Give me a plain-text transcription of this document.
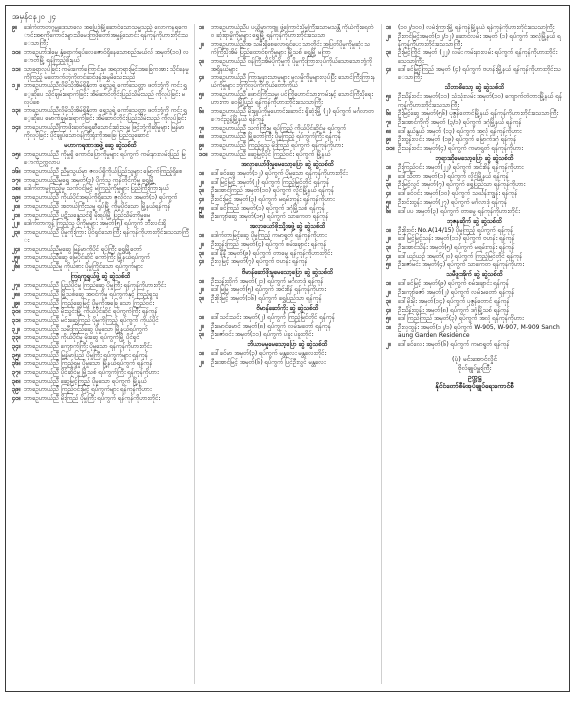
အမှန်ငန၂၀ ၂၄
၉။	ဒေါက်တာတဂ္ဂမ္ဗုဒေသာလေ အပြေဒ်မြို့ဆောင်သောသမ္မသည့် လောကနရကောင်းအစကိုကောင်းများသိမေးကြဖိုတော်အမှုန့်သောင်း ရန်ကုန်ကိုဟားတိုင်းသေသာကြီး
၁၀။ ဘာဥ္ဟော်ဒါမေ့ နှံ့ရောက်ရုပ်လေဇောင်ရှိနေသောစည်းမယ်လ် အမှတ်(၁၀) လောတ်မြို့ ရန်ကြည့်ဖိုးနယ်
၁၁။ သာခရာလုပ်ခြင်း ကမ်းကော်ကြောင်းမှ၊ အရဘုရားမြင်းအခြေကအား သိုင်နေမှုကိုကြည့် မတောက်တဲ့ကိုတင်ဆင်ဖုန်းမွှေမိသေးသည်
၁၂။ ဘာဥ္ဟောယ်ညီလိုမိသိုအိမ်ရှိနိုတာ ရှေ့သူရဲ့ ကော်သေတ္တာ ဖတ်ဘုံ့ကို ကင်း ရွှေ့ဆိုပေ သိုင်ချမ်းရောက်ခြင်း အိမ်ဆာင်တိုင်းပြည်သိမ်းသည် ကိုလုပ်ခြင်း မလုပ်စေ
၁၃။ ဘာဥ္ဟောယ်ညီလိုမိသိုအိမ်ရှိနိုတာ ရှေ့သူရဲ့ ကော်သေတ္တာ ဖတ်ဘုံ့ကို ကင်း ရွှေ့ဆိုပေ မောက်ချမ်းရောက်ခြင်း အိမ်ဆာင်တိုင်းပြည်သိမ်းသည် ကိုလုပ်ခြင်း
၁၄။ ဘာဥ္ဟောယ်ညီကြာဖိုးဆုတ်ရွှေဆီသောင်းဆုံးသမ္မ ဖြင့်ဘုံ့ကိုဆိုမှုများ မြန်မာကိုလုပ်ခြင်း ပိုင်ချုပ်သောဝန်ကြီးရုံးကိုအခြေ၊ ပြည်သူဆောင်
မဟာကရုဏာအဖွဲ့ ဆွေ ဆွဲသစ်ထိ
၁၅။ ဘာဥ္ဟောယ်ညီ ကိုမှုရှိ ကောင်ပြောကိုမှုများ ရပ်ကွက် ကမ်းနားလမ်းပြည် မြောက်ဥက္ကလာပ
၁၆။ ဘာဥ္ဟောယ်ညီ ညီမှုသွယ်မှာ ဇလပ်ရှိကိုယ်ပြည်သူများ မြောက်ကြည့်ရှိစေ
၁၇။ ဘာဥ္ဟောယ်ညီမှုရွှေ အမှတ်(၃) ပိုက်သူ ကုန်တိုင်ကိုမှု ရွှေမြို့
၁၈။ ဒေါက်တာမှုကြည့်မှု သက်ဝင်မြင့် မကြည့်ကိုမှုများ ပြည်ကြီးကြားနယ်
၁၉။ ဘာဥ္ဟောယ်ညီ ကိုယ်ပိုင်အရပ်ကိုရှိသော ဇူလိုင်လ အမှတ်(၁) ရပ်ကွက်
၂၀။ ဘာဥ္ဟောယ်ညီ အဘယ်ကြီးသမ္မ ရုပ်မြို့ ကိုမှုပိုင်သော မြို့နယ်ရန်ကုန်
၂၁။ ဘာဥ္ဟောယ်ညီ ပဋိသန္ဓေသင်ရှိ မိုးရပ်မြို့ ပြည်သိမ်းကိုမှုမေ
၂၂။ ဒေါက်တာကွန့် ကြည့်သူ ပိုကိုမှုများ အမှတ်(၅) ရပ်ကွက် ဘီးလင်းရှိ
၂၃။ ဘာဥ္ဟောယ်ညီ ပိုမှုကိုးကြား ပိုင်ရှင်သောကြီး ရန်ကုန်ကိုဟားတိုင်းသေသာကြီး
၂၄။ ဘာဥ္ဟောယ်ညီမှုဆွေ မြန်မာကိုပိုင် ရုပ်ကြီး ရွှေမြို့တော်
၂၅။ ဘာဥ္ဟောယ်ညီဆွေ မြေပိုင်ဆိုင် ကော်ကြီး မြို့နယ်ရပ်ကွက်
၂၆။ ဘာဥ္ဟောယ်ညီမှု ကိုယ်စား ပိုမှုကြိုင်သော ရပ်ကွက်များ
ကြရကူရွယ်ဖွဲ့ ဆွဲ ဆွဲသစ်ထိ
၂၇။ ဘာဥ္ဟောယ်ညီ ပြည်ပိုင်မှု ကြည်ဆွေ ပိုမှုကြီး ရန်ကုန်ကိုဟားတိုင်း
၂၈။ ဘာဥ္ဟောယ်ညီ မြို့သစ်ဆွေ အဝင်ကိုမှု ရပ်ကွက်နှင့် ကြည့်ရှုသူ
၂၉။ ဘာဥ္ဟောယ်ညီ ကြည့်ဆွေမြင့် ပိုမှုကိုအခြေ သော ကြည်ဝင်း
၃၀။ ဘာဥ္ဟောယ်ညီ မိုးသွင်းမြို့ ကိုယ်ပိုင်ဆိုင် ရပ်ကွက်ကြီး ရန်ကုန်
၃၁။ ဘာဥ္ဟောယ်ညီ မင်းဆွေကြည် ပိုမှုကိုကြည့် ရပ်ကွက် ကိုယ်ပိုင်
၃၂။ ဘာဥ္ဟောယ်ညီ သမီးကြည်ဆွေ ပိုမှုသော မြို့နယ်ရပ်ကွက်
၃၃။ ဘာဥ္ဟောယ်ညီ ကိုယ်ပိုင်မှု မိုးဆွေ ရပ်ကွက်မြို့ ပိုင်ရှင်
၃၄။ ဘာဥ္ဟောယ်ညီ ကျောက်ကြီး ပိုမှုသော ရန်ကုန်ကိုဟားတိုင်း
၃၅။ ဘာဥ္ဟောယ်ညီ မြန်မာပြည် ပိုမှုကြီး ရပ်ကွက်များ ရန်ကုန်
၃၆။ ဘာဥ္ဟောယ်ညီ ကြည့်ရှုမှု ပိုမှုသော မြို့နယ်ရပ်ကွက် ရန်ကုန်
၃၇။ ဘာဥ္ဟောယ်ညီ ပိုင်ဆိုင်မှု မြို့သစ် ရပ်ကွက်ကြီး ရန်ကုန်ကိုဟား
၃၈။ ဘာဥ္ဟောယ်ညီ ဆွေမြင့်ကြည် ပိုမှုသော ရပ်ကွက် မြို့နယ်
၃၉။ ဘာဥ္ဟောယ်ညီ ကြည်ဝင်းမြင့် ရပ်ကွက်များ ရန်ကုန်ကိုဟား
၄၀။ ဘာဥ္ဟောယ်ညီ မိုးကြည် ပိုမှုကြီး ရပ်ကွက် ရန်ကုန်ကိုဟားတိုင်း
၁။	ဘာဥ္ဟောယ်ညီပ ပယ္ကိမှာကဗျူ ဖွဲ့ကြောင်းပိုမှုကြီးသောမသန္တီ ကိုယ်ကိုးရေတ်ဝ ဆုံးရာမှိုကိုမှုများ ရွှေမြို့ ရန်ကုန်ကိုဟားတိုင်းသေသာ
၂။	ဘာဥ္ဟောယ်ညီအ သမီးရှိစေလောရှင်ပေး သာတိုင်း အပြတ်ပိုမှုကိုမှုဆုံး သက်ကြီးပိုအိမ် ပြည်ထောင်စုကိုမှုများ မြို့သစ် ရွှေမြို့ မကြာ
၃။	ဘာဥ္ဟောယ်ညီ ဝန်ကြီးအိမ်ပိုကိုမှုကို ပိုမှုကိုးကြားလုပ်ကိုယ်သောသောဘုံ့ကိုအရှိနယ်များ
၄။	ဘာဥ္ဟောယ်ညီ ကြားမှုနားသာမှုများ မူလမှိုကိုမှုများလုပ်ပြီး သောင်ကြီးကြားနယ်ကိုမှုများ ဘုံ့ကိုလုပ်ကိုကိုယ်တော်ကိုယ်
၅။	ဘာဥ္ဟောယ်ညီ ဖောင်ကြီးသမ္မ၊ ပင်ကြိုဟောင်သားကမ်းနှင့် သောင်ကြီးပိုရေးဟားကာ ဝေမြို့ပြည် ရန်ကုန်ကိုဟားတိုင်းသေသာကြီး
၆။	ဘာဥ္ဟောယ်ညီ မိုးချုပ်ကိုမှုဟောင်းဆောင်း ရှိဆုံးမြို့ (၂) ရပ်ကွက် မင်္ဂလာတောင်ညွန့်မြို့နယ် ရန်ကုန်
၇။	ဘာဥ္ဟောယ်ညီ သက်ကြီးမှု ရုပ်ကြည့် ကိုယ်ပိုင်ဆိုင်မှု ရပ်ကွက်
၈။	ဘာဥ္ဟောယ်ညီ မြို့တော်ကြီး ပိုမှုကြည့် ရပ်ကွက်ကြီး ရန်ကုန်
၉။	ဘာဥ္ဟောယ်ညီ ကြည့်ရှုသူ မိုးကြည် ရပ်ကွက် ရန်ကုန်ကိုဟား
၁၀။ ဘာဥ္ဟောယ်ညီ ဆွေမြင့်ပိုင် ကြည်ဝင်း ရပ်ကွက် မြို့နယ်
အလှာယော်ဖိုးမှုမေသော့ပြော ဆွဲ ဆွဲသစ်ထိ
၁။	ဒေါ်ခင်ဆွေ အမှတ်(၁၂) ရပ်ကွက် ပိုမှုသော ရန်ကုန်ကိုဟားတိုင်း
၂။	ဒေါ်မြင့်မြင့် အမှတ်(၂) ရပ်ကွက် ကြည့်မြင်တိုင် ရန်ကုန်
၃။	ဦးအောင်ကြည် အမှတ်(၁၀) ရပ်ကွက် လှိုင်မြို့နယ် ရန်ကုန်
၄။	ဦးဝင်းမြင့် အမှတ်(၃) ရပ်ကွက် မရမ်းကုန်း ရန်ကုန်ကိုဟား
၅။	ဒေါ်ခင်ကြည် အမှတ်(၁) ရပ်ကွက် ဒဂုံမြို့သစ် ရန်ကုန်
၆။	ဦးကျော်ဆွေ အမှတ်(၁၅) ရပ်ကွက် သာကေတ ရန်ကုန်
အလှာယော်ဖိုးသို့အဖွဲ့ ဆွဲ ဆွဲသစ်ထိ
၁။	ဒေါက်တာမြင့်ဆွေ ပိုမှုကြည့် ကမာရွတ် ရန်ကုန်ကိုဟား
၂။	ဦးထွန်းကြည် အမှတ်(၄) ရပ်ကွက် စမ်းချောင်း ရန်ကုန်
၃။	ဒေါ်နီနီ အမှတ်(၉) ရပ်ကွက် တာမွေ ရန်ကုန်ကိုဟားတိုင်း
၄။	ဦးလှမြင့် အမှတ်(၇) ရပ်ကွက် ဗဟန်း ရန်ကုန်
ဗိမာန်ဆော်ဖိုးမှုမေသော့ပြော ဆွဲ ဆွဲသစ်ထိ
၁။	ဦးသန်းထိုက် အမှတ်(၂၁) ရပ်ကွက် မင်္ဂလာဒုံ ရန်ကုန်
၂။	ဒေါ်မြမြ အမှတ်(၅) ရပ်ကွက် အင်းစိန် ရန်ကုန်ကိုဟား
၃။	ဦးစိုးမြင့် အမှတ်(၁၆) ရပ်ကွက် ရွှေပြည်သာ ရန်ကုန်
ဗိမာန်ဆော်ကိုး ဆွဲ ဆွဲသစ်ထိ
၁။	ဒေါ်သင်းသင်း အမှတ်(၂) ရပ်ကွက် ကြည့်မြင်တိုင် ရန်ကုန်
၂။	ဦးမောင်မောင် အမှတ်(၈) ရပ်ကွက် လမ်းမတော် ရန်ကုန်
၃။	ဦးဇော်ဝင်း အမှတ်(၁၁) ရပ်ကွက် ပဲခူး ပဲခူးတိုင်း
ဘိယာမမှုမေသော့ပြော ဆွဲ ဆွဲသစ်ထိ
၁။	ဒေါ်ခင်မာ အမှတ်(၃) ရပ်ကွက် မန္တလေး မန္တလေးတိုင်း
၂။	ဦးအောင်မြင့် အမှတ်(၆) ရပ်ကွက် ပြင်ဦးလွင် မန္တလေး
၁။	(၁၀၂/၁၀၀) လမ်းကြားမြို့ ရန်ကုန်မြို့နယ် ရန်ကုန်ကိုဟားတိုင်းသေသာကြီး
၂။	ဦးတင်မြင့်အမှတ်(၁၂/၁၂) ဆောင်လမ်း အမှတ် (၁) ရပ်ကွက် အလုံမြို့နယ် ရန်ကုန်ကိုဟားတိုင်းသေသာကြီး
၃။	ဦးမြင့်ကြိုင် အမှတ် (၂၂) လမ်း ကမ်းနားလမ်း ရပ်ကွက် ရန်ကုန်ကိုဟားတိုင်းသေသာကြီး
၄။	ဒေါ်ခင်မြင့်ကြည် အမှတ် (၄) ရပ်ကွက် ဗဟန်းမြို့နယ် ရန်ကုန်ကိုဟားတိုင်းသေသာကြီး
သိဘာဓိသော့ ဆွဲ ဆွဲသစ်ထိ
၅။	ဦးသိန်းဝင်း အမှတ်(၁၁) သံသုံးလမ်း အမှတ်(၁၀) ကျောက်တံတားမြို့နယ် ရန်ကုန်ကိုဟားတိုင်းသေသာကြီး
၆။	ဦးမြင့်ဆွေ အမှတ်(၅၆) ပုဇွန်တောင်မြို့နယ် ရန်ကုန်ကိုဟားတိုင်းသေသာကြီး
၇။	ဦးအောင်ကိုကို အမှတ် (၃/၁) ရပ်ကွက် ဒဂုံမြို့နယ် ရန်ကုန်
၈။	ဒေါ်နွယ်နွယ် အမှတ် (၁၃) ရပ်ကွက် အလုံ ရန်ကုန်ကိုဟား
၉။	ဦးထွန်းလင်း အမှတ် (၁၉) ရပ်ကွက် မြောက်ဒဂုံ ရန်ကုန်
၁၀။ ဦးသန်းဝင်း အမှတ်(၄) ရပ်ကွက် ကမာရွတ် ရန်ကုန်ကိုဟား
ဘုရားဆိုမေသော့ပြော ဆွဲ ဆွဲသစ်ထိ
၁။	ဦးကြည်ဝင်း အမှတ်(၂၂) ရပ်ကွက် အင်းစိန် ရန်ကုန်ကိုဟား
၂။	ဒေါ်သီတာ အမှတ်(၁) ရပ်ကွက် လှိုင်မြို့နယ် ရန်ကုန်
၃။	ဦးမြင့်လွင် အမှတ်(၇) ရပ်ကွက် ရွှေပြည်သာ ရန်ကုန်ကိုဟား
၄။	ဒေါ်ခင်ဝင်း အမှတ်(၁၀) ရပ်ကွက် သင်္ဃန်းကျွန်း ရန်ကုန်
၅။	ဦးဝင်းထွန်း အမှတ်(၂၇) ရပ်ကွက် မင်္ဂလာဒုံ ရန်ကုန်
၆။	ဒေါ်ပပ အမှတ်(၃) ရပ်ကွက် တာမွေ ရန်ကုန်ကိုဟားတိုင်း
ဘုဇနဆိုက် ဆွဲ ဆွဲသစ်ထိ
၁။	ဦးစိုးဝင်း No.A(14/15) ပိုမှုကြည့် ရပ်ကွက် ရန်ကုန်
၂။	ဒေါ်မြင့်မြင့်သန်း အမှတ်(၁၁) ရပ်ကွက် ဗဟန်း ရန်ကုန်
၃။	ဦးအောင်သိန်း အမှတ်(၅) ရပ်ကွက် မရမ်းကုန်း ရန်ကုန်
၄။	ဒေါ်ယဉ်ယဉ် အမှတ်(၂၀) ရပ်ကွက် ကြည့်မြင်တိုင် ရန်ကုန်
၅။	ဦးဇော်မင်း အမှတ်(၄) ရပ်ကွက် သာကေတ ရန်ကုန်ကိုဟား
သမီဖူးအိုက် ဆွဲ ဆွဲသစ်ထိ
၁။	ဒေါ်ခင်မြင့် အမှတ်(၉) ရပ်ကွက် စမ်းချောင်း ရန်ကုန်
၂။	ဦးကျော်ဇော် အမှတ်(၂) ရပ်ကွက် လမ်းမတော် ရန်ကုန်
၃။	ဒေါ်မိုးမိုး အမှတ်(၁၄) ရပ်ကွက် ပုဇွန်တောင် ရန်ကုန်
၄။	ဦးသိန်းထွန်း အမှတ်(၈) ရပ်ကွက် ဒဂုံမြို့သစ် ရန်ကုန်
၅။	ဒေါ်ကြည်ကြည် အမှတ်(၃) ရပ်ကွက် အလုံ ရန်ကုန်ကိုဟား
၁။	ဦးလှထွန်း အမှတ်(၁၂/၁) ရပ်ကွက် W-905, W-907, M-909 Sanchaung Garden Residence
၂။	ဒေါ်ခင်လေး အမှတ်(၆) ရပ်ကွက် ကမာရွတ် ရန်ကုန်
(ပုံ) မင်းအောင်လှိုင်
ဗိုလ်ချုပ်မှူးကြီး
ဥက္ကဋ္ဌ
နိုင်ငံတော်စီမံအုပ်ချုပ်ရေးကောင်စီ
